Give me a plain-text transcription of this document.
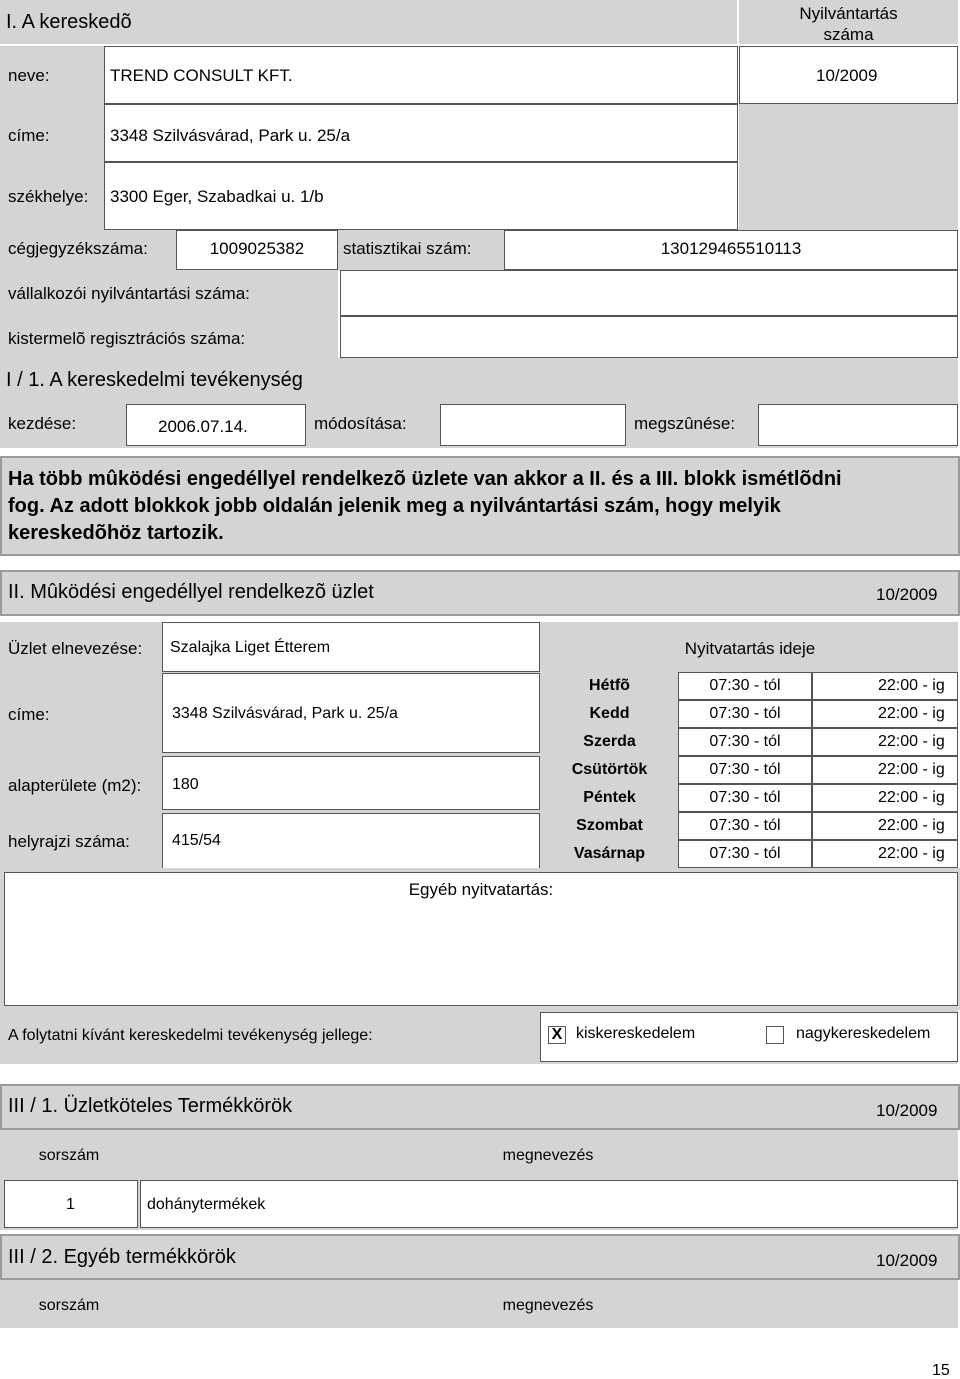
I. A kereskedõ	Nyilvántartás
száma
neve:	TREND CONSULT KFT.	10/2009
címe:	3348 Szilvásvárad, Park u. 25/a
székhelye: 3300 Eger, Szabadkai u. 1/b
cégjegyzékszáma:	1009025382	statisztikai szám:	130129465510113
vállalkozói nyilvántartási száma:
kistermelõ regisztrációs száma:
I / 1. A kereskedelmi tevékenység
kezdése:	2006.07.14.	módosítása:	megszûnése:
Ha több mûködési engedéllyel rendelkezõ üzlete van akkor a II. és a III. blokk ismétlõdni
fog. Az adott blokkok jobb oldalán jelenik meg a nyilvántartási szám, hogy melyik
kereskedõhöz tartozik.
II. Mûködési engedéllyel rendelkezõ üzlet	10/2009
Üzlet elnevezése: Szalajka Liget Étterem	Nyitvatartás ideje
címe:	3348 Szilvásvárad, Park u. 25/a
alapterülete (m2): 180
helyrajzi száma:	415/54
Hétfõ	07:30 - tól	22:00 - ig
Kedd	07:30 - tól	22:00 - ig
Szerda	07:30 - tól	22:00 - ig
Csütörtök	07:30 - tól	22:00 - ig
Péntek	07:30 - tól	22:00 - ig
Szombat	07:30 - tól	22:00 - ig
Vasárnap	07:30 - tól	22:00 - ig
Egyéb nyitvatartás:
A folytatni kívánt kereskedelmi tevékenység jellege:	X kiskereskedelem	nagykereskedelem
III / 1. Üzletköteles Termékkörök	10/2009
sorszám	megnevezés
1	dohánytermékek
III / 2. Egyéb termékkörök	10/2009
sorszám	megnevezés
15
